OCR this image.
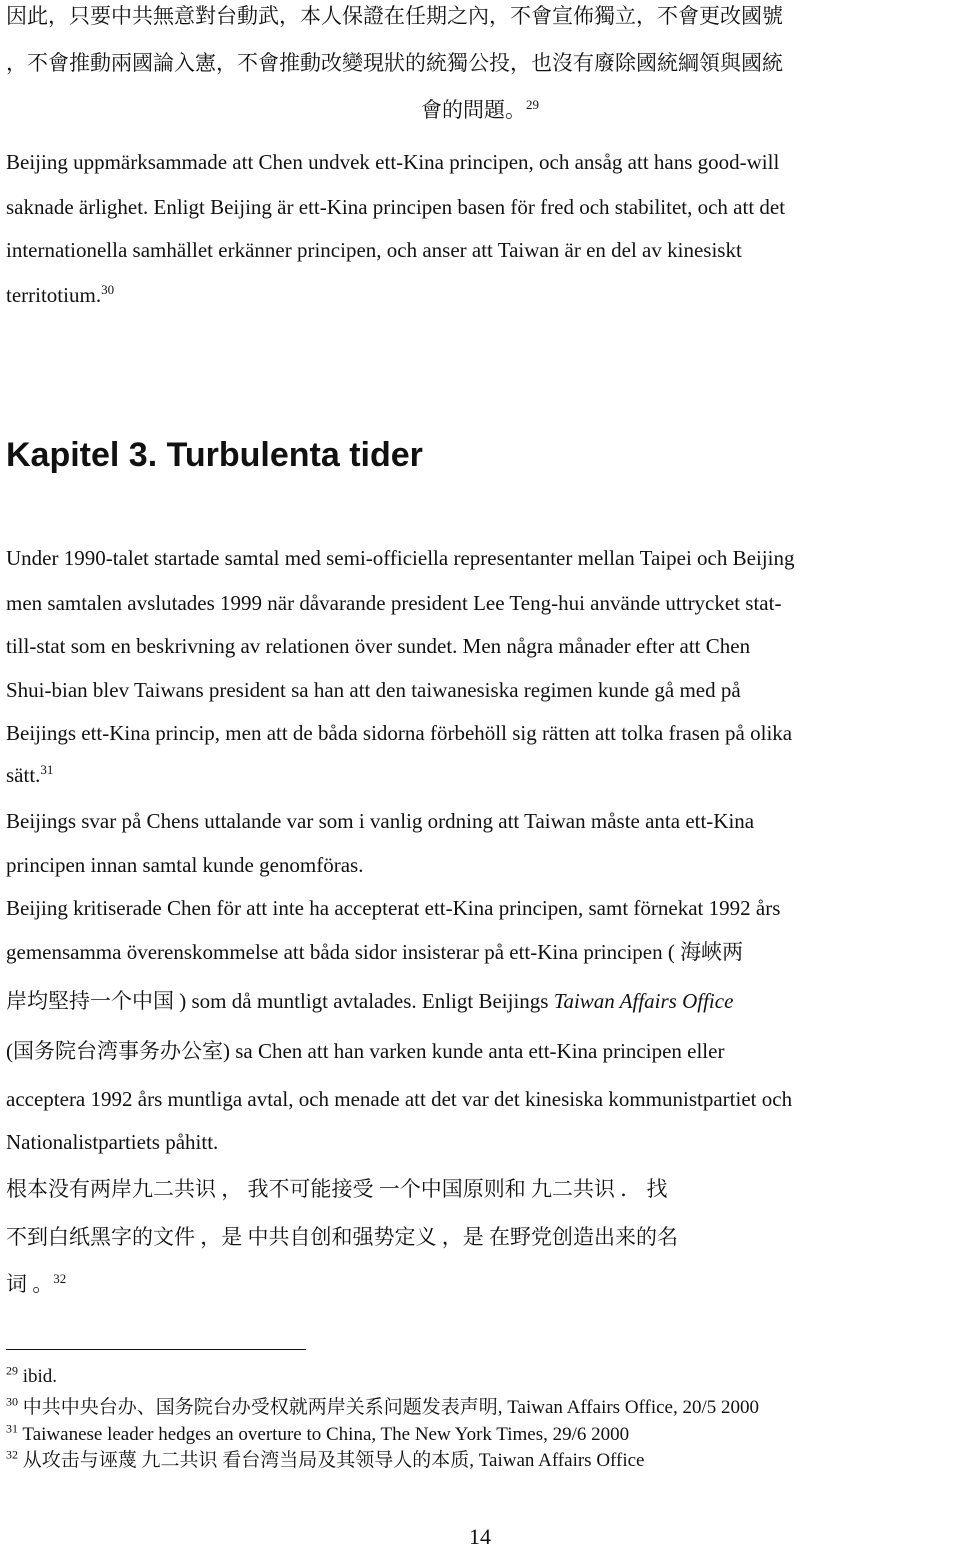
因此，只要中共無意對台動武，本人保證在任期之內，不會宣佈獨立，不會更改國號
，不會推動兩國論入憲，不會推動改變現狀的統獨公投，也沒有廢除國統綱領與國統
會的問題。$^{29}$
Beijing uppmärksammade att Chen undvek ett-Kina principen, och ansåg att hans good-will
saknade ärlighet. Enligt Beijing är ett-Kina principen basen för fred och stabilitet, och att det
internationella samhället erkänner principen, och anser att Taiwan är en del av kinesiskt
territotium.$^{30}$
Kapitel 3. Turbulenta tider
Under 1990-talet startade samtal med semi-officiella representanter mellan Taipei och Beijing
men samtalen avslutades 1999 när dåvarande president Lee Teng-hui använde uttrycket stat-
till-stat som en beskrivning av relationen över sundet. Men några månader efter att Chen
Shui-bian blev Taiwans president sa han att den taiwanesiska regimen kunde gå med på
Beijings ett-Kina princip, men att de båda sidorna förbehöll sig rätten att tolka frasen på olika
sätt.$^{31}$
Beijings svar på Chens uttalande var som i vanlig ordning att Taiwan måste anta ett-Kina
principen innan samtal kunde genomföras.
Beijing kritiserade Chen för att inte ha accepterat ett-Kina principen, samt förnekat 1992 års
gemensamma överenskommelse att båda sidor insisterar på ett-Kina principen ( 海峽两
岸均堅持一个中国 ) som då muntligt avtalades. Enligt Beijings Taiwan Affairs Office
(国务院台湾事务办公室) sa Chen att han varken kunde anta ett-Kina principen eller
acceptera 1992 års muntliga avtal, och menade att det var det kinesiska kommunistpartiet och
Nationalistpartiets påhitt.
根本没有两岸九二共识 ， 我不可能接受 一个中国原则和 九二共识 ． 找
不到白纸黑字的文件 ，是 中共自创和强势定义 ，是 在野党创造出来的名
词 。$^{32}$
$^{29}$ ibid.
$^{30}$ 中共中央台办、国务院台办受权就两岸关系问题发表声明, Taiwan Affairs Office, 20/5 2000
$^{31}$ Taiwanese leader hedges an overture to China, The New York Times, 29/6 2000
$^{32}$ 从攻击与诬蔑 九二共识 看台湾当局及其领导人的本质, Taiwan Affairs Office
14
